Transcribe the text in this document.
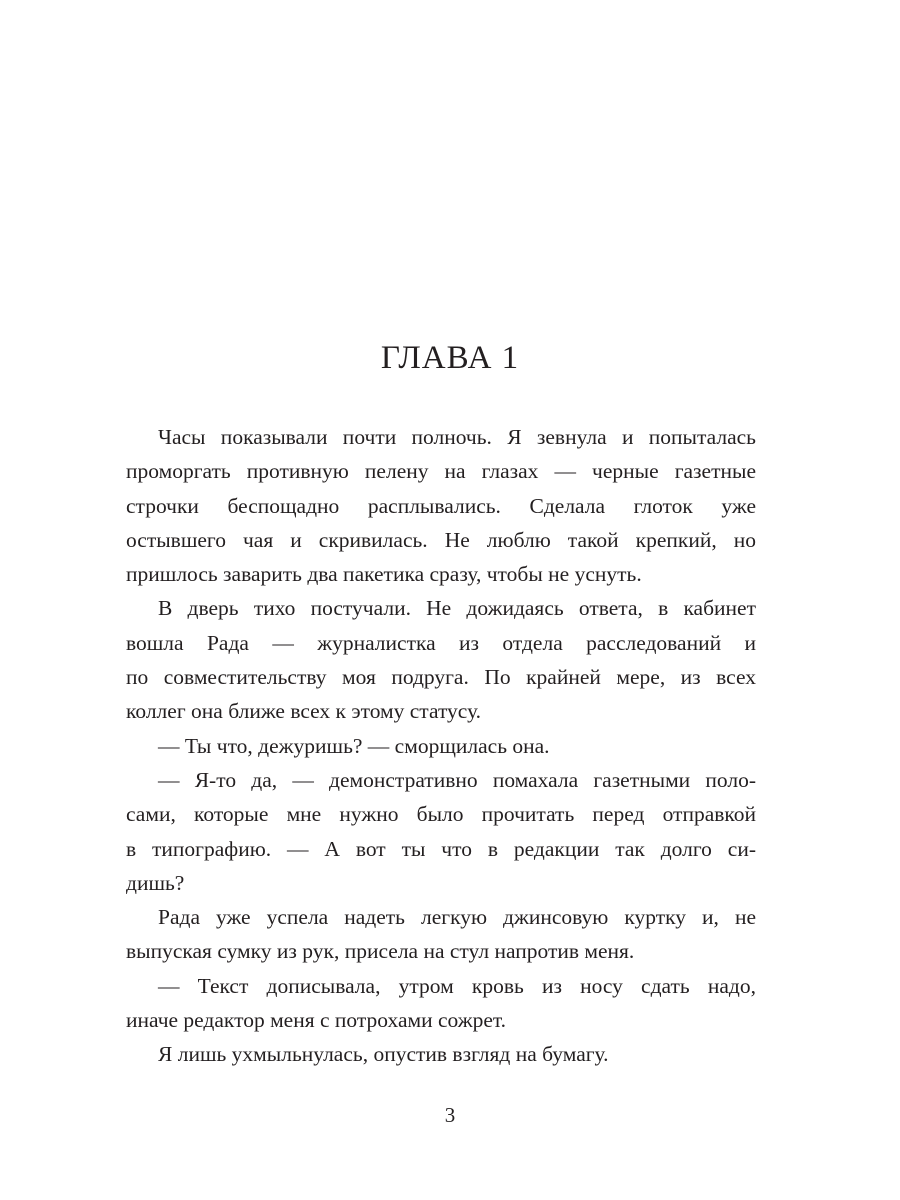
ГЛАВА 1
Часы показывали почти полночь. Я зевнула и попыталась
проморгать противную пелену на глазах — черные газетные
строчки беспощадно расплывались. Сделала глоток уже
остывшего чая и скривилась. Не люблю такой крепкий, но
пришлось заварить два пакетика сразу, чтобы не уснуть.
В дверь тихо постучали. Не дожидаясь ответа, в кабинет
вошла Рада — журналистка из отдела расследований и
по совместительству моя подруга. По крайней мере, из всех
коллег она ближе всех к этому статусу.
— Ты что, дежуришь? — сморщилась она.
— Я-то да, — демонстративно помахала газетными поло-
сами, которые мне нужно было прочитать перед отправкой
в типографию. — А вот ты что в редакции так долго си-
дишь?
Рада уже успела надеть легкую джинсовую куртку и, не
выпуская сумку из рук, присела на стул напротив меня.
— Текст дописывала, утром кровь из носу сдать надо,
иначе редактор меня с потрохами сожрет.
Я лишь ухмыльнулась, опустив взгляд на бумагу.
3
